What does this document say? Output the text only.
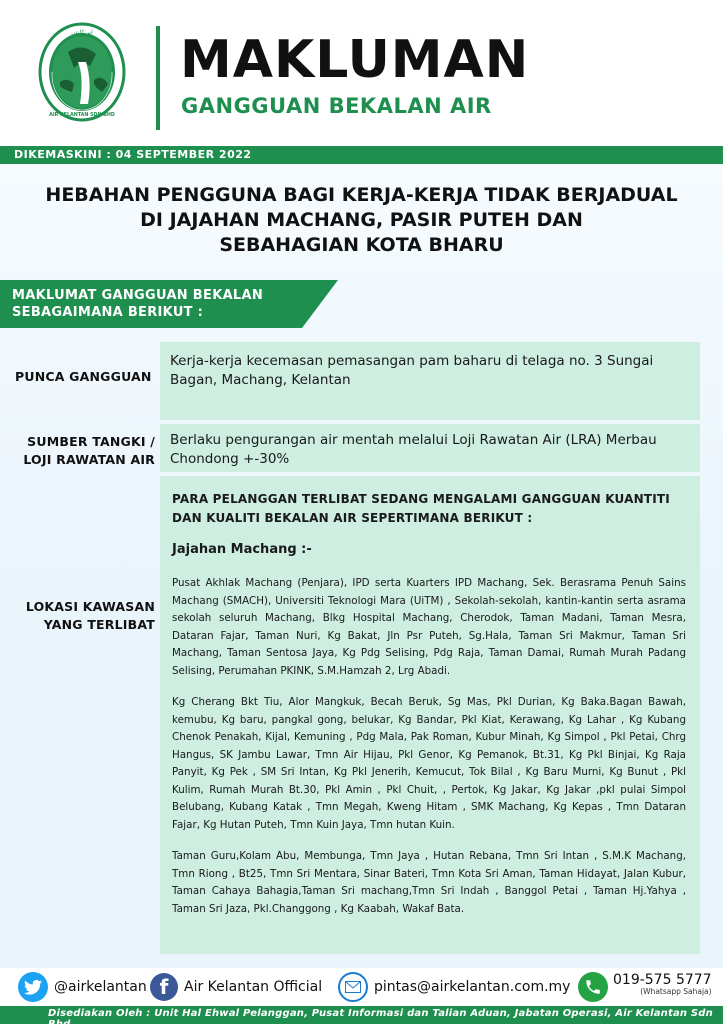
اير كلنتن
AIR KELANTAN SDN BHD
MAKLUMAN
GANGGUAN BEKALAN AIR
DIKEMASKINI : 04 SEPTEMBER 2022
HEBAHAN PENGGUNA BAGI KERJA-KERJA TIDAK BERJADUAL
DI JAJAHAN MACHANG, PASIR PUTEH DAN
SEBAHAGIAN KOTA BHARU
MAKLUMAT GANGGUAN BEKALAN
SEBAGAIMANA BERIKUT :
PUNCA GANGGUAN
Kerja-kerja kecemasan pemasangan pam baharu di telaga no. 3 Sungai Bagan, Machang, Kelantan
SUMBER TANGKI /
LOJI RAWATAN AIR
Berlaku pengurangan air mentah melalui Loji Rawatan Air (LRA) Merbau Chondong +-30%
LOKASI KAWASAN
YANG TERLIBAT
PARA PELANGGAN TERLIBAT SEDANG MENGALAMI GANGGUAN KUANTITI
DAN KUALITI BEKALAN AIR SEPERTIMANA BERIKUT :
Jajahan Machang :-

Pusat Akhlak Machang (Penjara), IPD serta Kuarters IPD Machang, Sek. Berasrama Penuh Sains Machang (SMACH), Universiti Teknologi Mara (UiTM) , Sekolah-sekolah, kantin-kantin serta asrama sekolah seluruh Machang, Blkg Hospital Machang, Cherodok, Taman Madani, Taman Mesra, Dataran Fajar, Taman Nuri, Kg Bakat, Jln Psr Puteh, Sg.Hala, Taman Sri Makmur, Taman Sri Machang, Taman Sentosa Jaya, Kg Pdg Selising, Pdg Raja, Taman Damai, Rumah Murah Padang Selising, Perumahan PKINK, S.M.Hamzah 2, Lrg Abadi.

Kg Cherang Bkt Tiu, Alor Mangkuk, Becah Beruk, Sg Mas, Pkl Durian, Kg Baka.Bagan Bawah, kemubu, Kg baru, pangkal gong, belukar, Kg Bandar, Pkl Kiat, Kerawang, Kg Lahar , Kg Kubang Chenok Penakah, Kijal, Kemuning , Pdg Mala, Pak Roman, Kubur Minah, Kg Simpol , Pkl Petai, Chrg Hangus, SK Jambu Lawar, Tmn Air Hijau, Pkl Genor, Kg Pemanok, Bt.31, Kg Pkl Binjai, Kg Raja Panyit, Kg Pek , SM Sri Intan, Kg Pkl Jenerih, Kemucut, Tok Bilal , Kg Baru Murni, Kg Bunut , Pkl Kulim, Rumah Murah Bt.30, Pkl Amin , Pkl Chuit, , Pertok, Kg Jakar, Kg Jakar ,pkl pulai Simpol Belubang, Kubang Katak , Tmn Megah, Kweng Hitam , SMK Machang, Kg Kepas , Tmn Dataran Fajar, Kg Hutan Puteh, Tmn Kuin Jaya, Tmn hutan Kuin.

Taman Guru,Kolam Abu, Membunga, Tmn Jaya , Hutan Rebana, Tmn Sri Intan , S.M.K Machang, Tmn Riong , Bt25, Tmn Sri Mentara, Sinar Bateri, Tmn Kota Sri Aman, Taman Hidayat, Jalan Kubur, Taman Cahaya Bahagia,Taman Sri machang,Tmn Sri Indah , Banggol Petai , Taman Hj.Yahya , Taman Sri Jaza, Pkl.Changgong , Kg Kaabah, Wakaf Bata.

@airkelantan f Air Kelantan Official	pintas@airkelantan.com.my	019-575 5777
(Whatsapp Sahaja)
Disediakan Oleh : Unit Hal Ehwal Pelanggan, Pusat Informasi dan Talian Aduan, Jabatan Operasi, Air Kelantan Sdn Bhd
